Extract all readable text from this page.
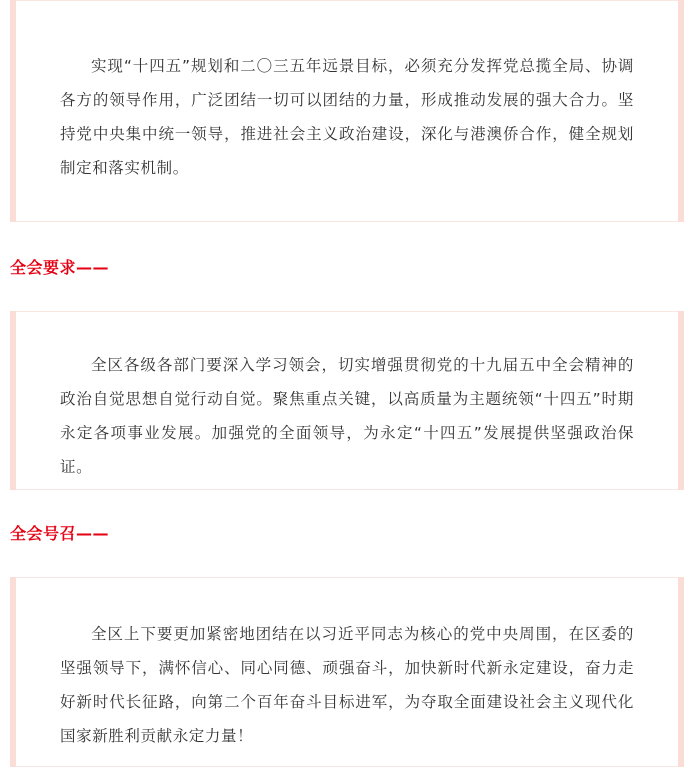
实现“十四五”规划和二〇三五年远景目标，必须充分发挥党总揽全局、协调各方的领导作用，广泛团结一切可以团结的力量，形成推动发展的强大合力。坚持党中央集中统一领导，推进社会主义政治建设，深化与港澳侨合作，健全规划制定和落实机制。

全会要求——

全区各级各部门要深入学习领会，切实增强贯彻党的十九届五中全会精神的政治自觉思想自觉行动自觉。聚焦重点关键，以高质量为主题统领“十四五”时期永定各项事业发展。加强党的全面领导，为永定“十四五”发展提供坚强政治保证。

全会号召——

全区上下要更加紧密地团结在以习近平同志为核心的党中央周围，在区委的坚强领导下，满怀信心、同心同德、顽强奋斗，加快新时代新永定建设，奋力走好新时代长征路，向第二个百年奋斗目标进军，为夺取全面建设社会主义现代化国家新胜利贡献永定力量！
